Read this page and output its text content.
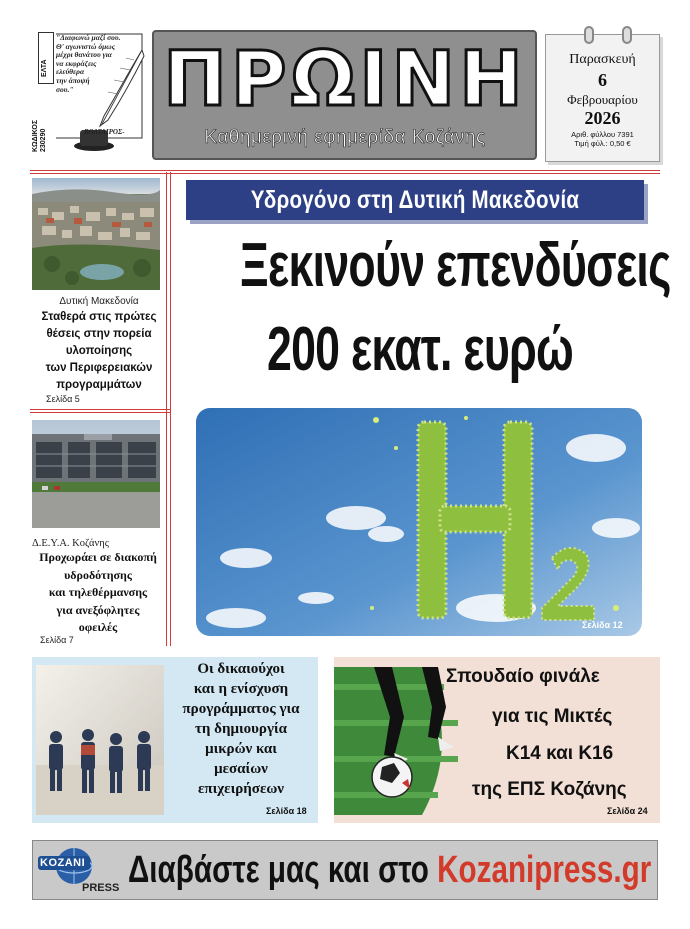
ΕΛΤΑ
ΚΩΔΙΚΟΣ 230290
"Διαφωνώ μαζί σου.
Θ' αγωνιστώ όμως
μέχρι θανάτου για
να εκφράζεις
ελεύθερα
την άποψή
σου."
ΒΟΛΤΑΙΡΟΣ-
ΠΡΩΙΝΗ
Καθημερινή εφημερίδα Κοζάνης
Παρασκευή
6
Φεβρουαρίου
2026
Αριθ. φύλλου 7391
Τιμή φύλ.: 0,50 €
Δυτική Μακεδονία
Σταθερά στις πρώτες
θέσεις στην πορεία
υλοποίησης
των Περιφερειακών
προγραμμάτων
Σελίδα 5
Δ.Ε.Υ.Α. Κοζάνης
Προχωράει σε διακοπή
υδροδότησης
και τηλεθέρμανσης
για ανεξόφλητες
οφειλές
Σελίδα 7
Υδρογόνο στη Δυτική Μακεδονία
Ξεκινούν επενδύσεις
200 εκατ. ευρώ
Σελίδα 12
Οι δικαιούχοι
και η ενίσχυση
προγράμματος για
τη δημιουργία
μικρών και
μεσαίων
επιχειρήσεων
Σελίδα 18
Σπουδαίο φινάλε
για τις Μικτές
Κ14 και Κ16
της ΕΠΣ Κοζάνης
Σελίδα 24
KOZANI
PRESS Διαβάστε μας και στο Kozanipress.gr
